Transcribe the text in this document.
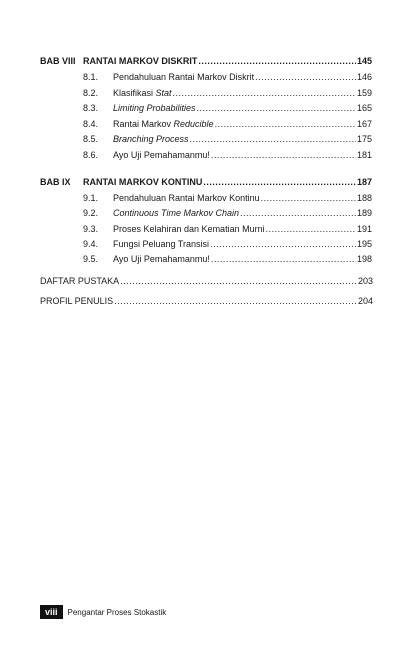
BAB VIII RANTAI MARKOV DISKRIT .....	145
8.1.	Pendahuluan Rantai Markov Diskrit .....	146
8.2.	Klasifikasi Stat .....	159
8.3.	Limiting Probabilities .....	165
8.4.	Rantai Markov Reducible .....	167
8.5.	Branching Process .....	175
8.6.	Ayo Uji Pemahamanmu! .....	181
BAB IX	RANTAI MARKOV KONTINU .....	187
9.1.	Pendahuluan Rantai Markov Kontinu .....	188
9.2.	Continuous Time Markov Chain .....	189
9.3.	Proses Kelahiran dan Kematian Murni .....	191
9.4.	Fungsi Peluang Transisi .....	195
9.5.	Ayo Uji Pemahamanmu! .....	198
DAFTAR PUSTAKA .....	203
PROFIL PENULIS .....	204
viii	Pengantar Proses Stokastik
